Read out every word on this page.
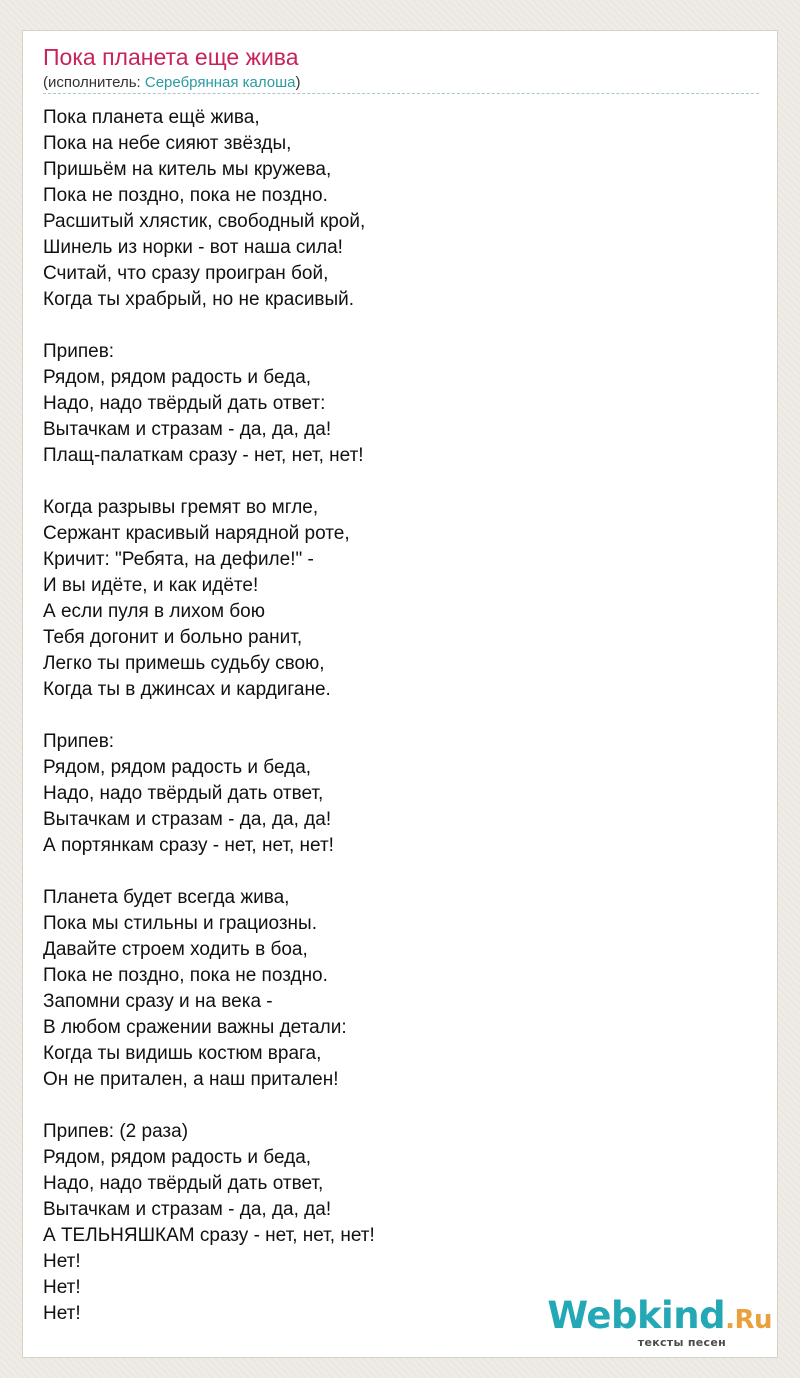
Пока планета еще жива
(исполнитель: Серебрянная калоша)
Пока планета ещё жива,
Пока на небе сияют звёзды,
Пришьём на китель мы кружева,
Пока не поздно, пока не поздно.
Расшитый хлястик, свободный крой,
Шинель из норки - вот наша сила!
Считай, что сразу проигран бой,
Когда ты храбрый, но не красивый.
Припев:
Рядом, рядом радость и беда,
Надо, надо твёрдый дать ответ:
Вытачкам и стразам - да, да, да!
Плащ-палаткам сразу - нет, нет, нет!
Когда разрывы гремят во мгле,
Сержант красивый нарядной роте,
Кричит: "Ребята, на дефиле!" -
И вы идёте, и как идёте!
А если пуля в лихом бою
Тебя догонит и больно ранит,
Легко ты примешь судьбу свою,
Когда ты в джинсах и кардигане.
Припев:
Рядом, рядом радость и беда,
Надо, надо твёрдый дать ответ,
Вытачкам и стразам - да, да, да!
А портянкам сразу - нет, нет, нет!
Планета будет всегда жива,
Пока мы стильны и грациозны.
Давайте строем ходить в боа,
Пока не поздно, пока не поздно.
Запомни сразу и на века -
В любом сражении важны детали:
Когда ты видишь костюм врага,
Он не притален, а наш притален!
Припев: (2 раза)
Рядом, рядом радость и беда,
Надо, надо твёрдый дать ответ,
Вытачкам и стразам - да, да, да!
А ТЕЛЬНЯШКАМ сразу - нет, нет, нет!
Нет!
Нет!
Нет!	Webkind.Ru
тексты песен
